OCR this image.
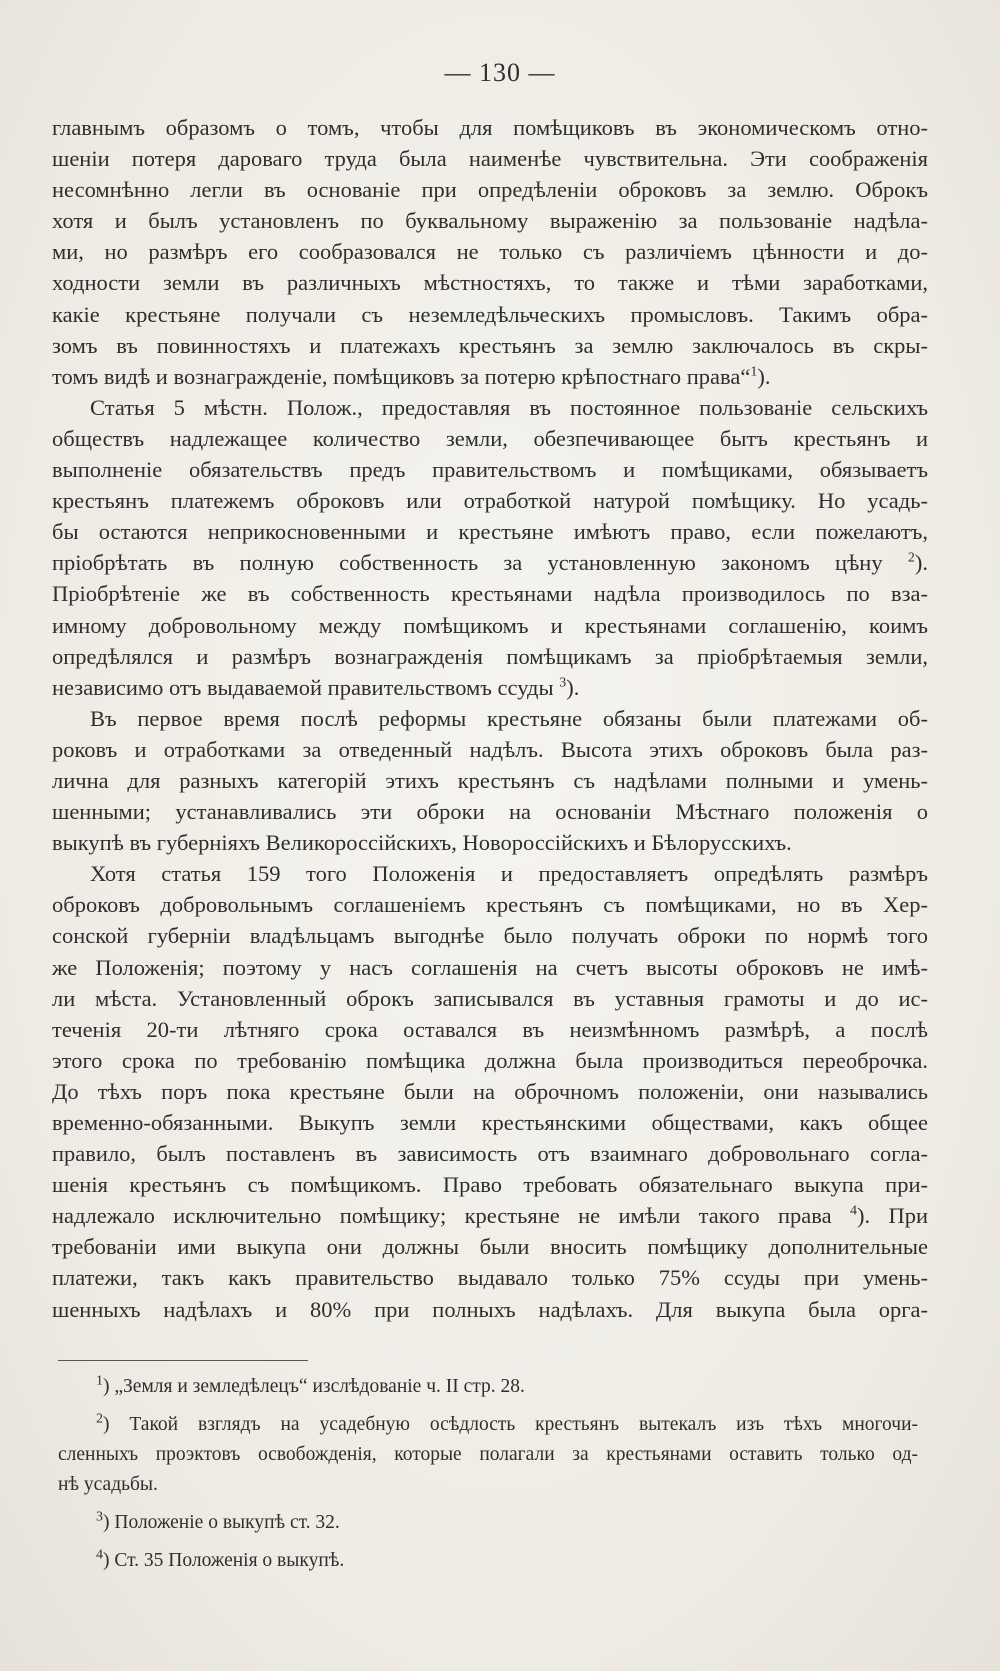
— 130 —
главнымъ образомъ о томъ, чтобы для помѣщиковъ въ экономическомъ отно-
шеніи потеря дароваго труда была наименѣе чувствительна. Эти соображенія
несомнѣнно легли въ основаніе при опредѣленіи оброковъ за землю. Оброкъ
хотя и былъ установленъ по буквальному выраженію за пользованіе надѣла-
ми, но размѣръ его сообразовался не только съ различіемъ цѣнности и до-
ходности земли въ различныхъ мѣстностяхъ, то также и тѣми заработками,
какіе крестьяне получали съ неземледѣльческихъ промысловъ. Такимъ обра-
зомъ въ повинностяхъ и платежахъ крестьянъ за землю заключалось въ скры-
томъ видѣ и вознагражденіе, помѣщиковъ за потерю крѣпостнаго права“$^1$).
Статья 5 мѣстн. Полож., предоставляя въ постоянное пользованіе сельскихъ
обществъ надлежащее количество земли, обезпечивающее бытъ крестьянъ и
выполненіе обязательствъ предъ правительствомъ и помѣщиками, обязываетъ
крестьянъ платежемъ оброковъ или отработкой натурой помѣщику. Но усадь-
бы остаются неприкосновенными и крестьяне имѣютъ право, если пожелаютъ,
пріобрѣтать въ полную собственность за установленную закономъ цѣну $^2$).
Пріобрѣтеніе же въ собственность крестьянами надѣла производилось по вза-
имному добровольному между помѣщикомъ и крестьянами соглашенію, коимъ
опредѣлялся и размѣръ вознагражденія помѣщикамъ за пріобрѣтаемыя земли,
независимо отъ выдаваемой правительствомъ ссуды $^3$).
Въ первое время послѣ реформы крестьяне обязаны были платежами об-
роковъ и отработками за отведенный надѣлъ. Высота этихъ оброковъ была раз-
лична для разныхъ категорій этихъ крестьянъ съ надѣлами полными и умень-
шенными; устанавливались эти оброки на основаніи Мѣстнаго положенія о
выкупѣ въ губерніяхъ Великороссійскихъ, Новороссійскихъ и Бѣлорусскихъ.
Хотя статья 159 того Положенія и предоставляетъ опредѣлять размѣръ
оброковъ добровольнымъ соглашеніемъ крестьянъ съ помѣщиками, но въ Хер-
сонской губерніи владѣльцамъ выгоднѣе было получать оброки по нормѣ того
же Положенія; поэтому у насъ соглашенія на счетъ высоты оброковъ не имѣ-
ли мѣста. Установленный оброкъ записывался въ уставныя грамоты и до ис-
теченія 20-ти лѣтняго срока оставался въ неизмѣнномъ размѣрѣ, а послѣ
этого срока по требованію помѣщика должна была производиться переоброчка.
До тѣхъ поръ пока крестьяне были на оброчномъ положеніи, они назывались
временно-обязанными. Выкупъ земли крестьянскими обществами, какъ общее
правило, былъ поставленъ въ зависимость отъ взаимнаго добровольнаго согла-
шенія крестьянъ съ помѣщикомъ. Право требовать обязательнаго выкупа при-
надлежало исключительно помѣщику; крестьяне не имѣли такого права $^4$). При
требованіи ими выкупа они должны были вносить помѣщику дополнительные
платежи, такъ какъ правительство выдавало только 75% ссуды при умень-
шенныхъ надѣлахъ и 80% при полныхъ надѣлахъ. Для выкупа была орга-
$^1$) „Земля и земледѣлецъ“ изслѣдованіе ч. II стр. 28.
$^2$) Такой взглядъ на усадебную осѣдлость крестьянъ вытекалъ изъ тѣхъ многочи-
сленныхъ проэктовъ освобожденія, которые полагали за крестьянами оставить только од-
нѣ усадьбы.
$^3$) Положеніе о выкупѣ ст. 32.
$^4$) Ст. 35 Положенія о выкупѣ.
